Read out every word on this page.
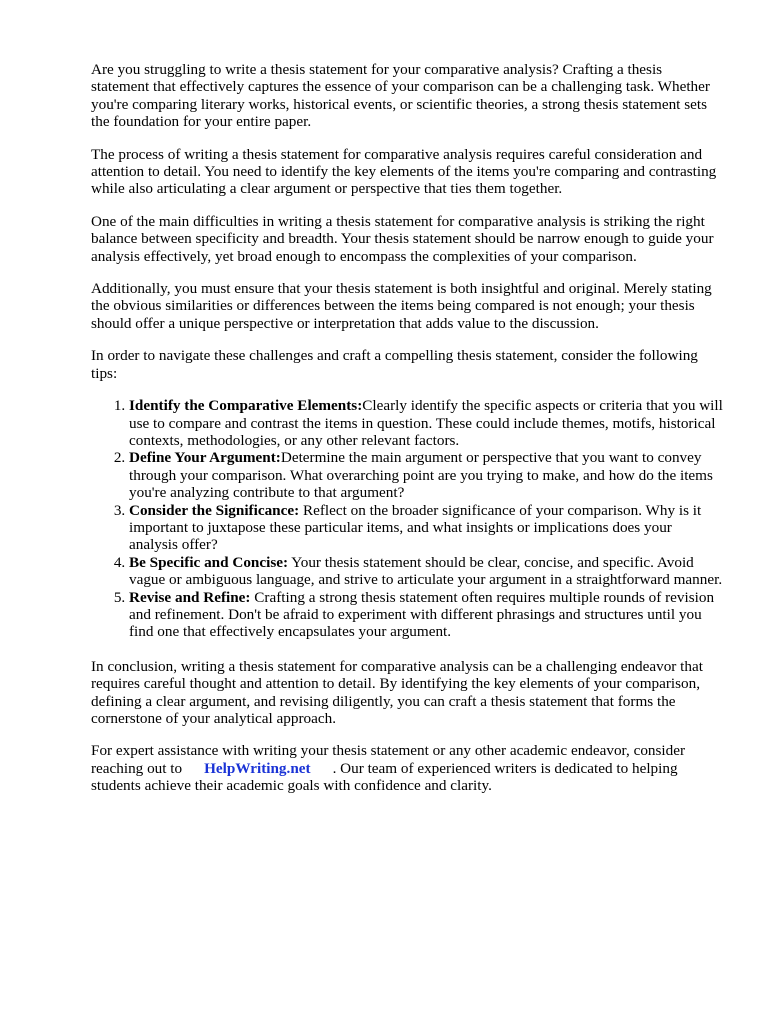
Are you struggling to write a thesis statement for your comparative analysis? Crafting a thesis statement that effectively captures the essence of your comparison can be a challenging task. Whether you're comparing literary works, historical events, or scientific theories, a strong thesis statement sets the foundation for your entire paper.

The process of writing a thesis statement for comparative analysis requires careful consideration and attention to detail. You need to identify the key elements of the items you're comparing and contrasting while also articulating a clear argument or perspective that ties them together.

One of the main difficulties in writing a thesis statement for comparative analysis is striking the right balance between specificity and breadth. Your thesis statement should be narrow enough to guide your analysis effectively, yet broad enough to encompass the complexities of your comparison.

Additionally, you must ensure that your thesis statement is both insightful and original. Merely stating the obvious similarities or differences between the items being compared is not enough; your thesis should offer a unique perspective or interpretation that adds value to the discussion.

In order to navigate these challenges and craft a compelling thesis statement, consider the following tips:

1. Identify the Comparative Elements:Clearly identify the specific aspects or criteria that you will use to compare and contrast the items in question. These could include themes, motifs, historical contexts, methodologies, or any other relevant factors.
2. Define Your Argument:Determine the main argument or perspective that you want to convey through your comparison. What overarching point are you trying to make, and how do the items you're analyzing contribute to that argument?
3. Consider the Significance: Reflect on the broader significance of your comparison. Why is it important to juxtapose these particular items, and what insights or implications does your analysis offer?
4. Be Specific and Concise: Your thesis statement should be clear, concise, and specific. Avoid vague or ambiguous language, and strive to articulate your argument in a straightforward manner.
5. Revise and Refine: Crafting a strong thesis statement often requires multiple rounds of revision and refinement. Don't be afraid to experiment with different phrasings and structures until you find one that effectively encapsulates your argument.

In conclusion, writing a thesis statement for comparative analysis can be a challenging endeavor that requires careful thought and attention to detail. By identifying the key elements of your comparison, defining a clear argument, and revising diligently, you can craft a thesis statement that forms the cornerstone of your analytical approach.

For expert assistance with writing your thesis statement or any other academic endeavor, consider reaching out to HelpWriting.net . Our team of experienced writers is dedicated to helping students achieve their academic goals with confidence and clarity.
